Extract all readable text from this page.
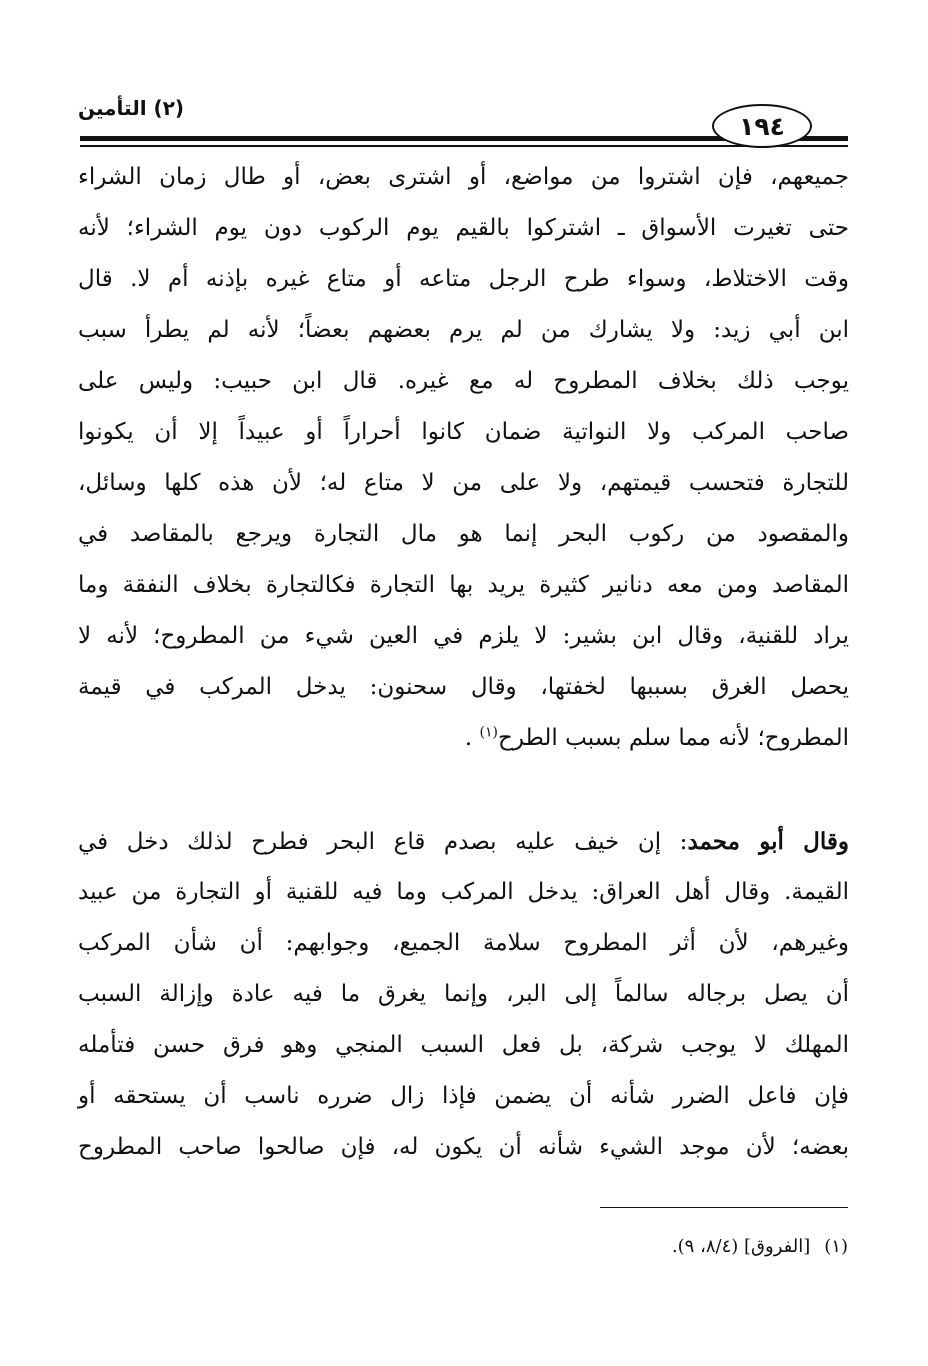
١٩٤
(٢) التأمين
جميعهم، فإن اشتروا من مواضع، أو اشترى بعض، أو طال زمان الشراء
حتى تغيرت الأسواق ـ اشتركوا بالقيم يوم الركوب دون يوم الشراء؛ لأنه
وقت الاختلاط، وسواء طرح الرجل متاعه أو متاع غيره بإذنه أم لا. قال
ابن أبي زيد: ولا يشارك من لم يرم بعضهم بعضاً؛ لأنه لم يطرأ سبب
يوجب ذلك بخلاف المطروح له مع غيره. قال ابن حبيب: وليس على
صاحب المركب ولا النواتية ضمان كانوا أحراراً أو عبيداً إلا أن يكونوا
للتجارة فتحسب قيمتهم، ولا على من لا متاع له؛ لأن هذه كلها وسائل،
والمقصود من ركوب البحر إنما هو مال التجارة ويرجع بالمقاصد في
المقاصد ومن معه دنانير كثيرة يريد بها التجارة فكالتجارة بخلاف النفقة وما
يراد للقنية، وقال ابن بشير: لا يلزم في العين شيء من المطروح؛ لأنه لا
يحصل الغرق بسببها لخفتها، وقال سحنون: يدخل المركب في قيمة
المطروح؛ لأنه مما سلم بسبب الطرح$^{(١)}$ .
وقال أبو محمد: إن خيف عليه بصدم قاع البحر فطرح لذلك دخل في
القيمة. وقال أهل العراق: يدخل المركب وما فيه للقنية أو التجارة من عبيد
وغيرهم، لأن أثر المطروح سلامة الجميع، وجوابهم: أن شأن المركب
أن يصل برجاله سالماً إلى البر، وإنما يغرق ما فيه عادة وإزالة السبب
المهلك لا يوجب شركة، بل فعل السبب المنجي وهو فرق حسن فتأمله
فإن فاعل الضرر شأنه أن يضمن فإذا زال ضرره ناسب أن يستحقه أو
بعضه؛ لأن موجد الشيء شأنه أن يكون له، فإن صالحوا صاحب المطروح
(١)[الفروق] (٨/٤، ٩).
